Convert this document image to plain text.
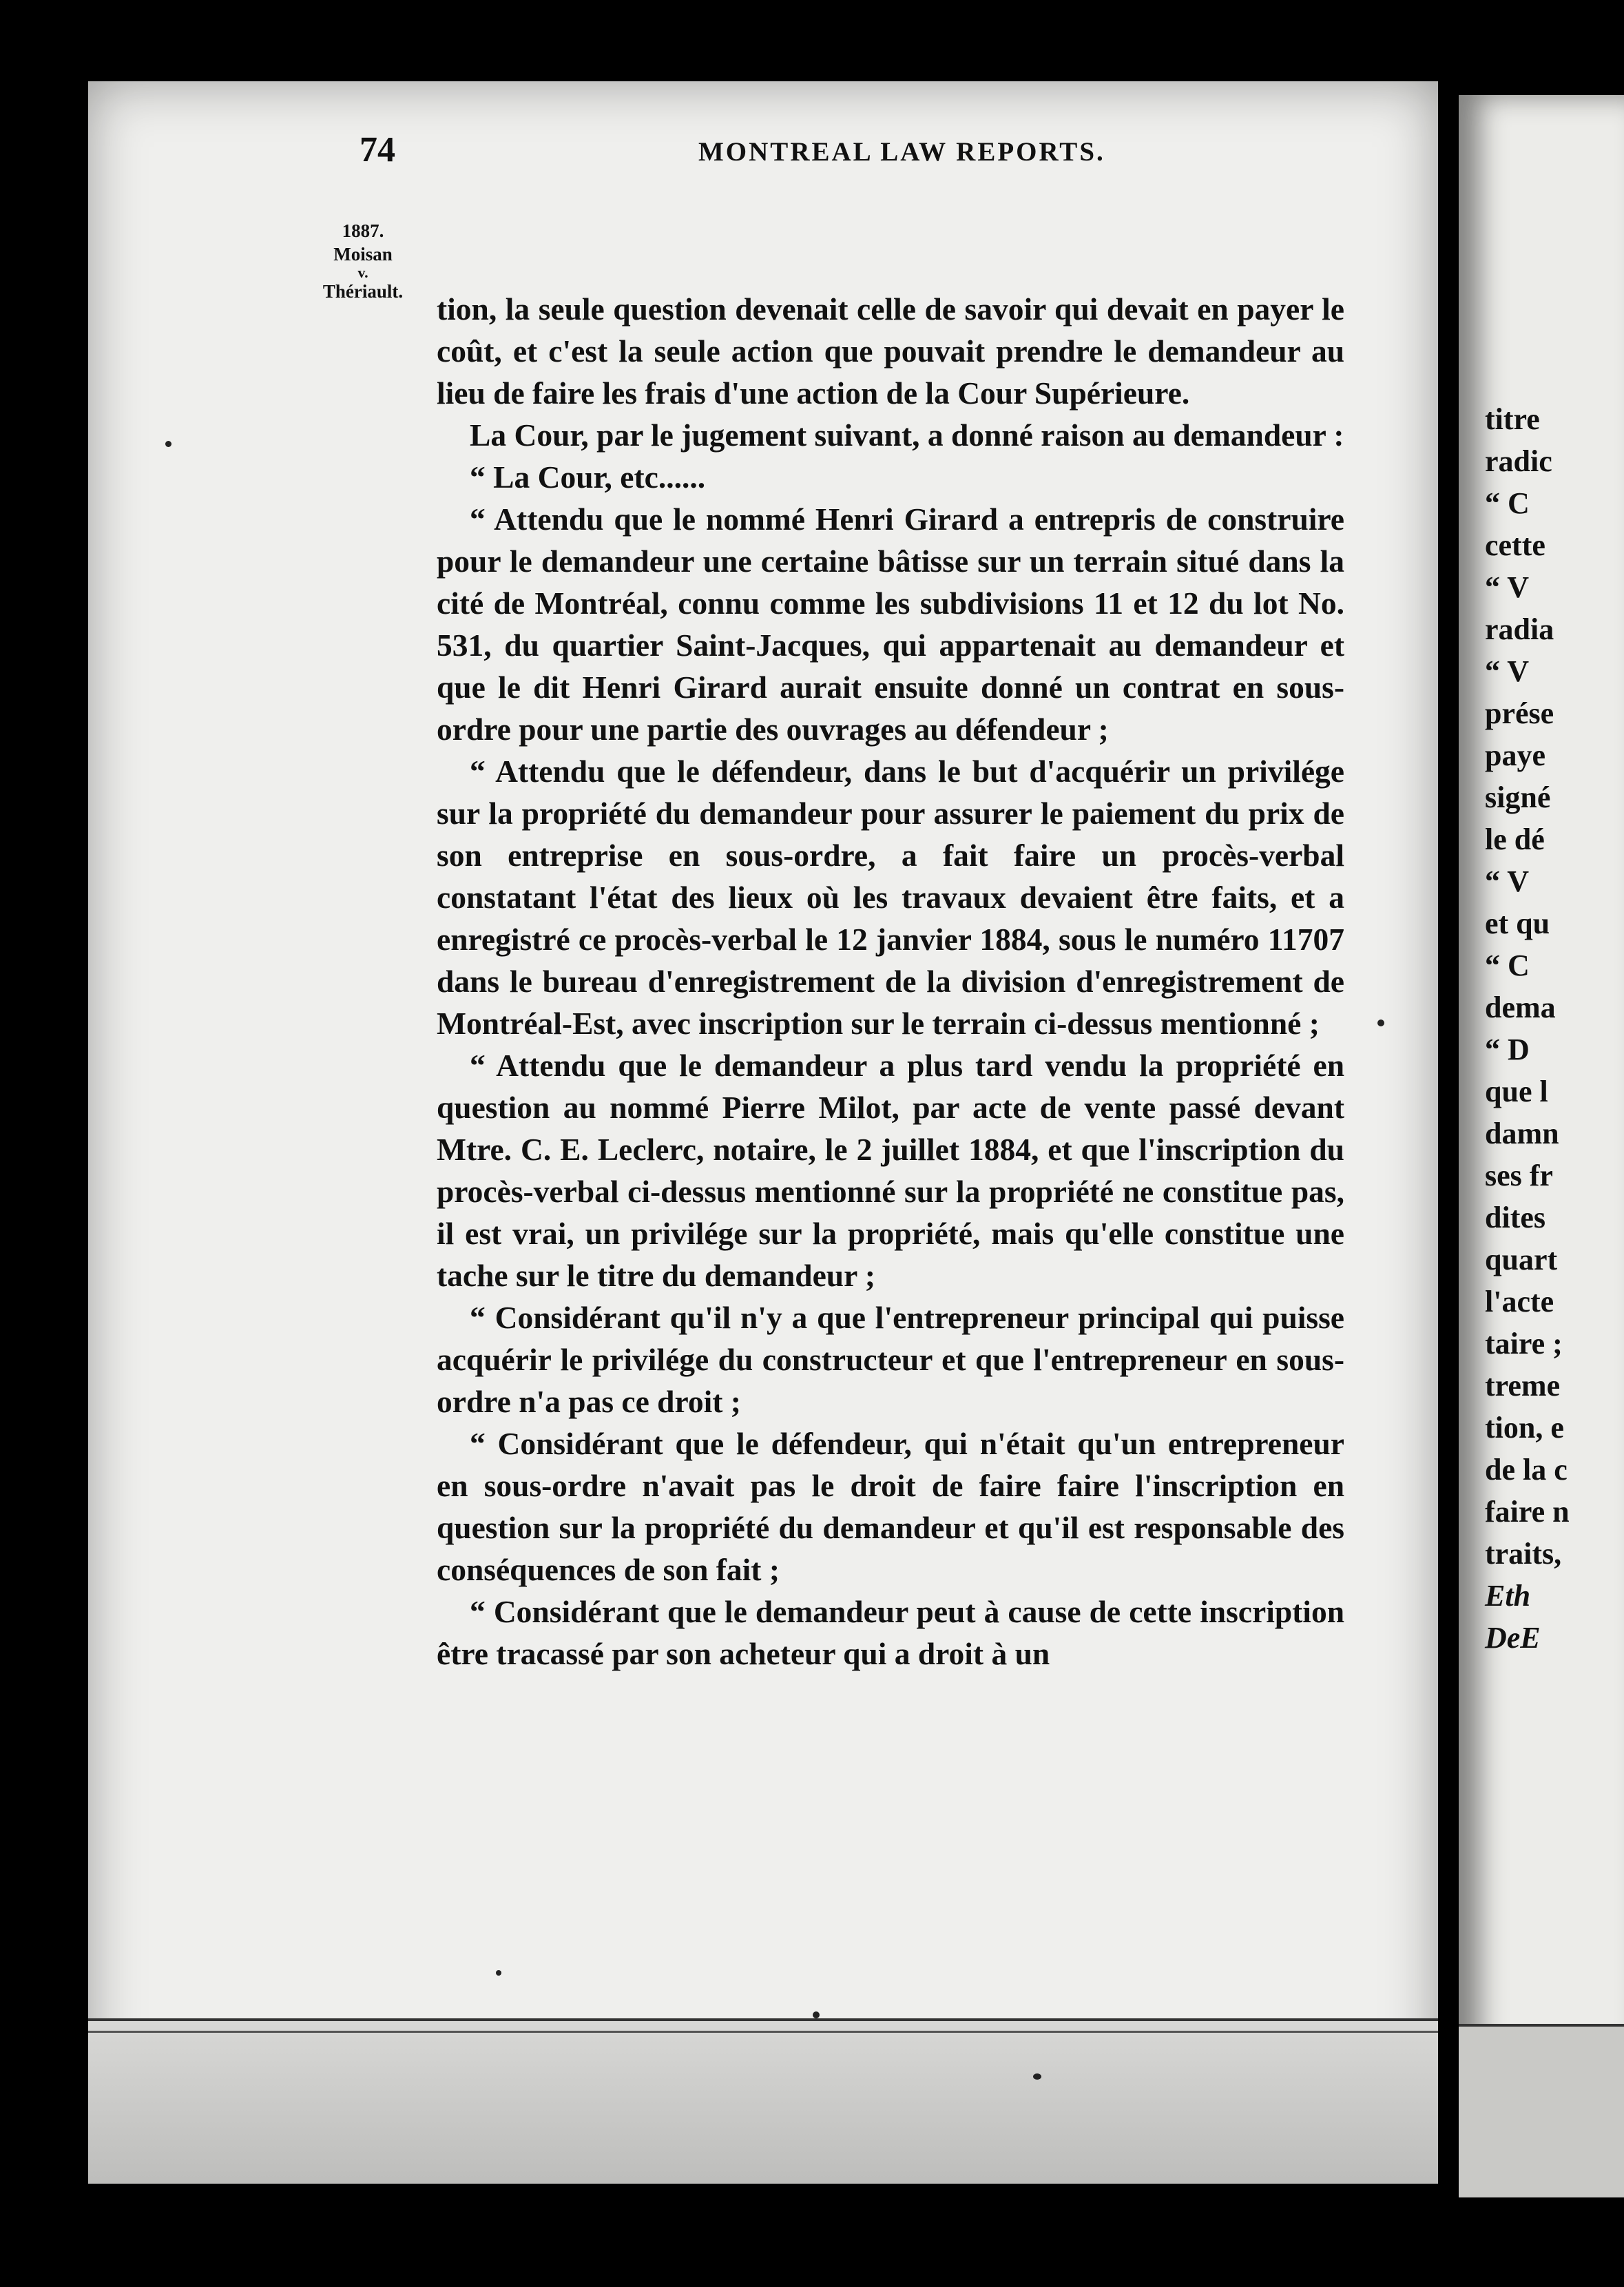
74	MONTREAL LAW REPORTS.
1887.
Moisan
v.
Thériault.	tion, la seule question devenait celle de savoir qui devait en payer le coût, et c'est la seule action que pouvait prendre le demandeur au lieu de faire les frais d'une action de la Cour Supérieure.

La Cour, par le jugement suivant, a donné raison au demandeur :

“ La Cour, etc......

“ Attendu que le nommé Henri Girard a entrepris de construire pour le demandeur une certaine bâtisse sur un terrain situé dans la cité de Montréal, connu comme les subdivisions 11 et 12 du lot No. 531, du quartier Saint-Jacques, qui appartenait au demandeur et que le dit Henri Girard aurait ensuite donné un contrat en sous-ordre pour une partie des ouvrages au défendeur ;

“ Attendu que le défendeur, dans le but d'acquérir un privilége sur la propriété du demandeur pour assurer le paiement du prix de son entreprise en sous-ordre, a fait faire un procès-verbal constatant l'état des lieux où les travaux devaient être faits, et a enregistré ce procès-verbal le 12 janvier 1884, sous le numéro 11707 dans le bureau d'enregistrement de la division d'enregistrement de Montréal-Est, avec inscription sur le terrain ci-dessus mentionné ;

“ Attendu que le demandeur a plus tard vendu la propriété en question au nommé Pierre Milot, par acte de vente passé devant Mtre. C. E. Leclerc, notaire, le 2 juillet 1884, et que l'inscription du procès-verbal ci-dessus mentionné sur la propriété ne constitue pas, il est vrai, un privilége sur la propriété, mais qu'elle constitue une tache sur le titre du demandeur ;

“ Considérant qu'il n'y a que l'entrepreneur principal qui puisse acquérir le privilége du constructeur et que l'entrepreneur en sous-ordre n'a pas ce droit ;

“ Considérant que le défendeur, qui n'était qu'un entrepreneur en sous-ordre n'avait pas le droit de faire faire l'inscription en question sur la propriété du demandeur et qu'il est responsable des conséquences de son fait ;

“ Considérant que le demandeur peut à cause de cette inscription être tracassé par son acheteur qui a droit à un

titre
radic
“ C
cette
“ V
radia
“ V
prése
paye
signé
le dé
“ V
et qu
“ C
dema
“ D
que l
damn
ses fr
dites
quart
l'acte
taire ;
treme
tion, e
de la c
faire n
traits,
Eth
DeE
